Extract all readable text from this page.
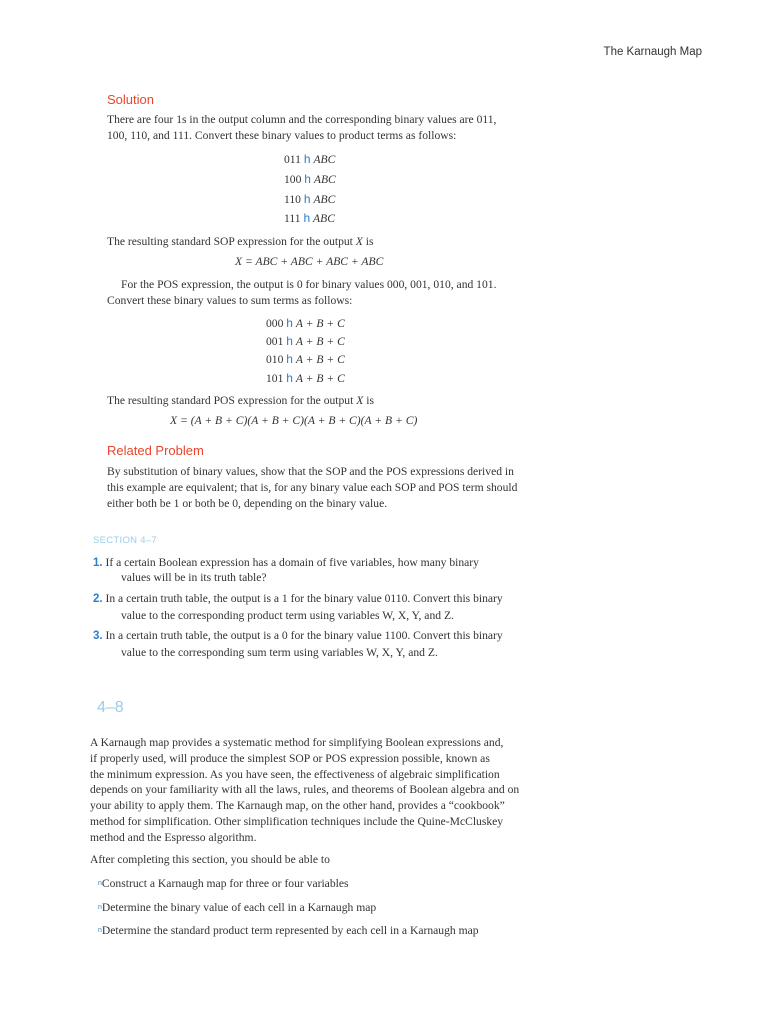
The Karnaugh Map
Solution
There are four 1s in the output column and the corresponding binary values are 011,
100, 110, and 111. Convert these binary values to product terms as follows:
011 h ABC
100 h ABC
110 h ABC
111 h ABC
The resulting standard SOP expression for the output X is
X = ABC + ABC + ABC + ABC
For the POS expression, the output is 0 for binary values 000, 001, 010, and 101.
Convert these binary values to sum terms as follows:
000 h A + B + C
001 h A + B + C
010 h A + B + C
101 h A + B + C
The resulting standard POS expression for the output X is
X = (A + B + C)(A + B + C)(A + B + C)(A + B + C)
Related Problem
By substitution of binary values, show that the SOP and the POS expressions derived in
this example are equivalent; that is, for any binary value each SOP and POS term should
either both be 1 or both be 0, depending on the binary value.
SECTION 4–7
1. If a certain Boolean expression has a domain of five variables, how many binary
values will be in its truth table?
2. In a certain truth table, the output is a 1 for the binary value 0110. Convert this binary
value to the corresponding product term using variables W, X, Y, and Z.
3. In a certain truth table, the output is a 0 for the binary value 1100. Convert this binary
value to the corresponding sum term using variables W, X, Y, and Z.
4–8
A Karnaugh map provides a systematic method for simplifying Boolean expressions and,
if properly used, will produce the simplest SOP or POS expression possible, known as
the minimum expression. As you have seen, the effectiveness of algebraic simplification
depends on your familiarity with all the laws, rules, and theorems of Boolean algebra and on
your ability to apply them. The Karnaugh map, on the other hand, provides a “cookbook”
method for simplification. Other simplification techniques include the Quine-McCluskey
method and the Espresso algorithm.
After completing this section, you should be able to
$^n$Construct a Karnaugh map for three or four variables
$^n$Determine the binary value of each cell in a Karnaugh map
$^n$Determine the standard product term represented by each cell in a Karnaugh map
